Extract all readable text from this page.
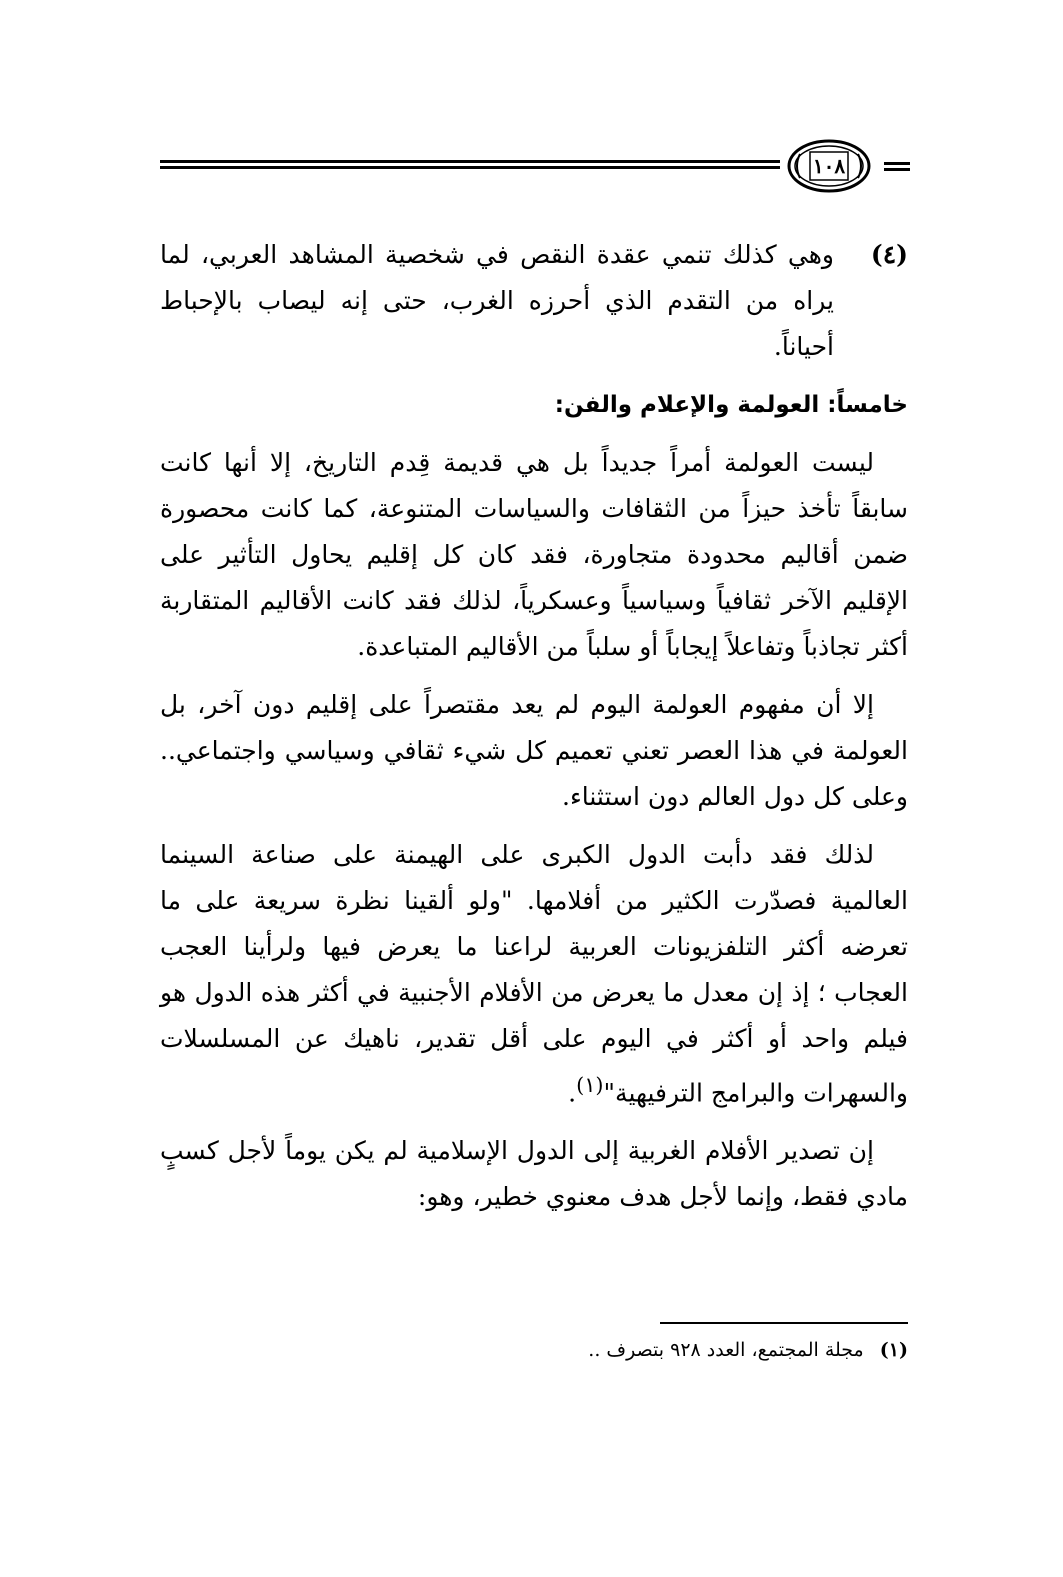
١٠٨

(٤)
وهي كذلك تنمي عقدة النقص في شخصية المشاهد العربي، لما يراه من التقدم الذي أحرزه الغرب، حتى إنه ليصاب بالإحباط أحياناً.

خامساً: العولمة والإعلام والفن:

ليست العولمة أمراً جديداً بل هي قديمة قِدم التاريخ، إلا أنها كانت سابقاً تأخذ حيزاً من الثقافات والسياسات المتنوعة، كما كانت محصورة ضمن أقاليم محدودة متجاورة، فقد كان كل إقليم يحاول التأثير على الإقليم الآخر ثقافياً وسياسياً وعسكرياً، لذلك فقد كانت الأقاليم المتقاربة أكثر تجاذباً وتفاعلاً إيجاباً أو سلباً من الأقاليم المتباعدة.

إلا أن مفهوم العولمة اليوم لم يعد مقتصراً على إقليم دون آخر، بل العولمة في هذا العصر تعني تعميم كل شيء ثقافي وسياسي واجتماعي.. وعلى كل دول العالم دون استثناء.

لذلك فقد دأبت الدول الكبرى على الهيمنة على صناعة السينما العالمية فصدّرت الكثير من أفلامها. "ولو ألقينا نظرة سريعة على ما تعرضه أكثر التلفزيونات العربية لراعنا ما يعرض فيها ولرأينا العجب العجاب ؛ إذ إن معدل ما يعرض من الأفلام الأجنبية في أكثر هذه الدول هو فيلم واحد أو أكثر في اليوم على أقل تقدير، ناهيك عن المسلسلات والسهرات والبرامج الترفيهية"$^{(١)}$.

إن تصدير الأفلام الغربية إلى الدول الإسلامية لم يكن يوماً لأجل كسبٍ مادي فقط، وإنما لأجل هدف معنوي خطير، وهو:

(١) مجلة المجتمع، العدد ٩٢٨ بتصرف ..
